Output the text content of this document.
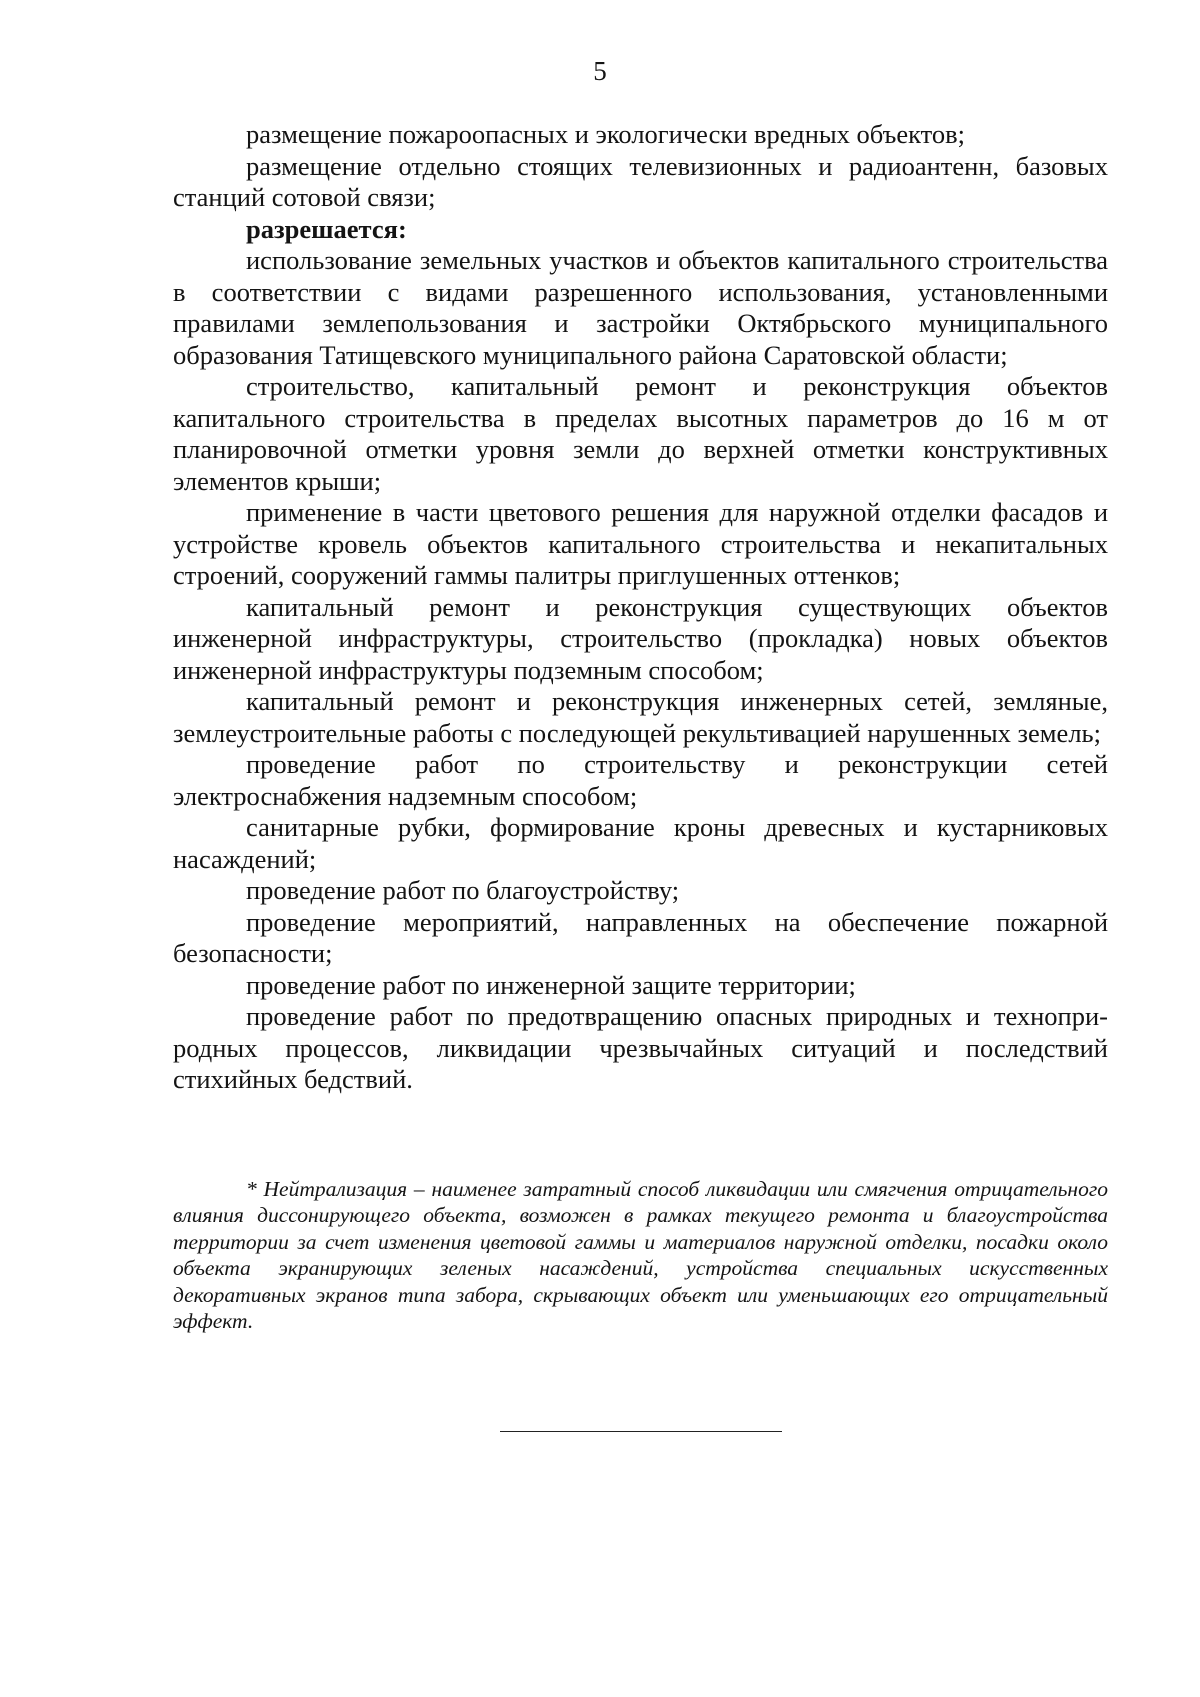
5

размещение пожароопасных и экологически вредных объектов;

размещение отдельно стоящих телевизионных и радиоантенн, базовых станций сотовой связи;

разрешается:

использование земельных участков и объектов капитального строительства в соответствии с видами разрешенного использования, установленными правилами землепользования и застройки Октябрьского муниципального образования Татищевского муниципального района Саратовской области;

строительство, капитальный ремонт и реконструкция объектов капитального строительства в пределах высотных параметров до 16 м от планировочной отметки уровня земли до верхней отметки конструктивных элементов крыши;

применение в части цветового решения для наружной отделки фасадов и устройстве кровель объектов капитального строительства и некапитальных строений, сооружений гаммы палитры приглушенных оттенков;

капитальный ремонт и реконструкция существующих объектов инженерной инфраструктуры, строительство (прокладка) новых объектов инженерной инфраструктуры подземным способом;

капитальный ремонт и реконструкция инженерных сетей, земляные, землеустроительные работы с последующей рекультивацией нарушенных земель;

проведение работ по строительству и реконструкции сетей электроснабжения надземным способом;

санитарные рубки, формирование кроны древесных и кустарниковых насаждений;

проведение работ по благоустройству;

проведение мероприятий, направленных на обеспечение пожарной безопасности;

проведение работ по инженерной защите территории;

проведение работ по предотвращению опасных природных и техноприродных процессов, ликвидации чрезвычайных ситуаций и последствий стихийных бедствий.

* Нейтрализация – наименее затратный способ ликвидации или смягчения отрицательного влияния диссонирующего объекта, возможен в рамках текущего ремонта и благоустройства территории за счет изменения цветовой гаммы и материалов наружной отделки, посадки около объекта экранирующих зеленых насаждений, устройства специальных искусственных декоративных экранов типа забора, скрывающих объект или уменьшающих его отрицательный эффект.
